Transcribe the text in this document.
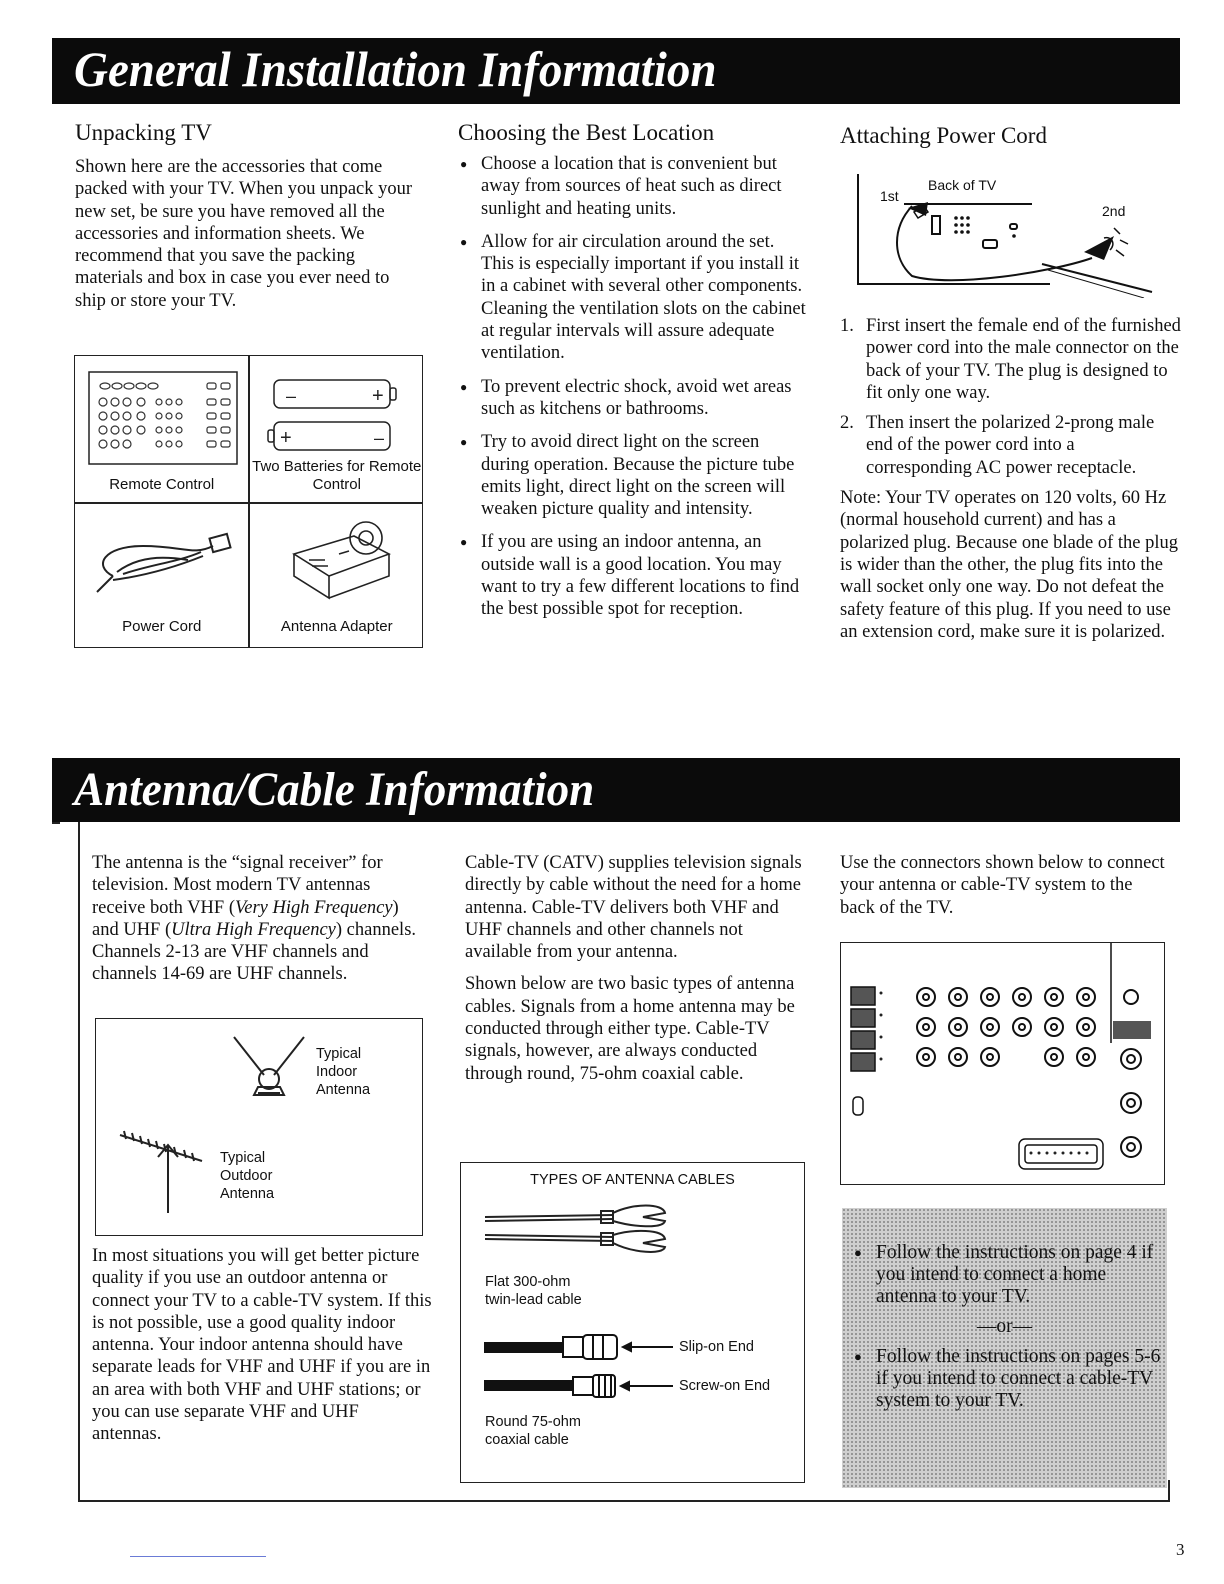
General Installation Information
Unpacking TV

Shown here are the accessories that come packed with your TV. When you unpack your new set, be sure you have removed all the accessories and information sheets. We recommend that you save the packing materials and box in case you ever need to ship or store your TV.

Remote Control
–	+
+	–
Two Batteries for Remote Control
Power Cord	Antenna Adapter
Choosing the Best Location
● Choose a location that is convenient but away from sources of heat such as direct sunlight and heating units.
● Allow for air circulation around the set. This is especially important if you install it in a cabinet with several other components. Cleaning the ventilation slots on the cabinet at regular intervals will assure adequate ventilation.
● To prevent electric shock, avoid wet areas such as kitchens or bathrooms.
● Try to avoid direct light on the screen during operation. Because the picture tube emits light, direct light on the screen will weaken picture quality and intensity.
● If you are using an indoor antenna, an outside wall is a good location. You may want to try a few different locations to find the best possible spot for reception.
Attaching Power Cord
1st
Back of TV
2nd
1. First insert the female end of the furnished power cord into the male connector on the back of your TV. The plug is designed to fit only one way.
2. Then insert the polarized 2-prong male end of the power cord into a corresponding AC power receptacle.

Note: Your TV operates on 120 volts, 60 Hz (normal household current) and has a polarized plug. Because one blade of the plug is wider than the other, the plug fits into the wall socket only one way. Do not defeat the safety feature of this plug. If you need to use an extension cord, make sure it is polarized.

Antenna/Cable Information

The antenna is the “signal receiver” for television. Most modern TV antennas receive both VHF (Very High Frequency) and UHF (Ultra High Frequency) channels. Channels 2-13 are VHF channels and channels 14-69 are UHF channels.

Typical
Indoor
Antenna
Typical
Outdoor
Antenna

In most situations you will get better picture quality if you use an outdoor antenna or connect your TV to a cable-TV system. If this is not possible, use a good quality indoor antenna. Your indoor antenna should have separate leads for VHF and UHF if you are in an area with both VHF and UHF stations; or you can use separate VHF and UHF antennas.

Cable-TV (CATV) supplies television signals directly by cable without the need for a home antenna. Cable-TV delivers both VHF and UHF channels and other channels not available from your antenna.

Shown below are two basic types of antenna cables. Signals from a home antenna may be conducted through either type. Cable-TV signals, however, are always conducted through round, 75-ohm coaxial cable.

TYPES OF ANTENNA CABLES
Flat 300-ohm
twin-lead cable
Slip-on End
Screw-on End
Round 75-ohm
coaxial cable

Use the connectors shown below to connect your antenna or cable-TV system to the back of the TV.

● Follow the instructions on page 4 if you intend to connect a home antenna to your TV.
—or—
● Follow the instructions on pages 5-6 if you intend to connect a cable-TV system to your TV.
3
